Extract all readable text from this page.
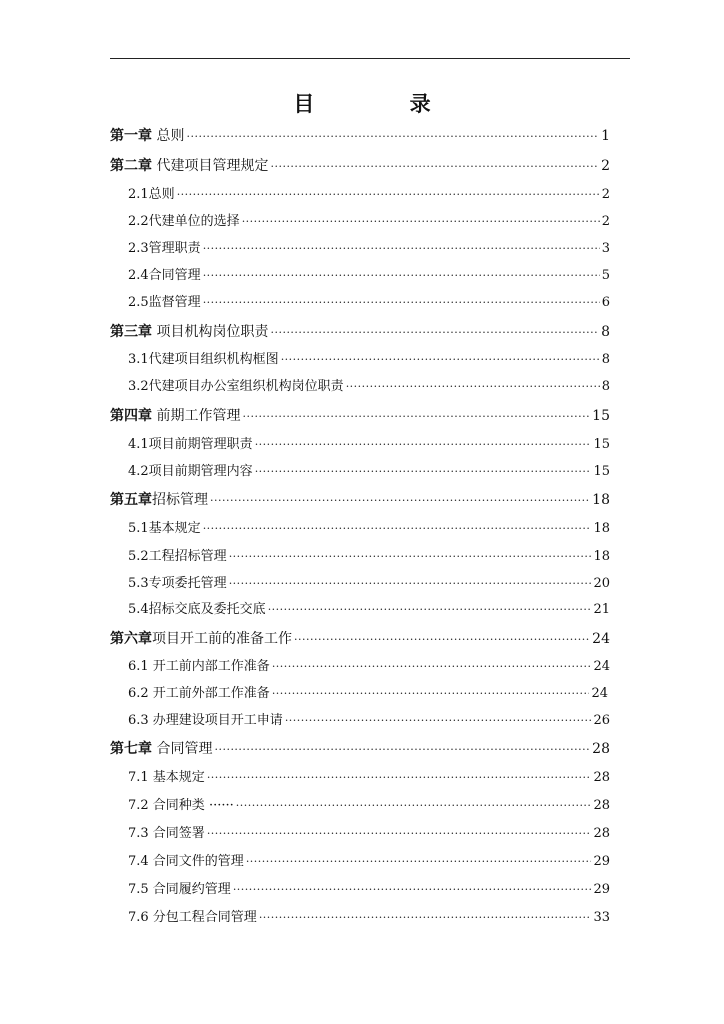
目 录
第一章 总则 ·····	1
第二章 代建项目管理规定 ·····	2
2.1总则 ·····	2
2.2代建单位的选择 ·····	2
2.3管理职责 ·····	3
2.4合同管理 ·····	5
2.5监督管理 ·····	6
第三章 项目机构岗位职责 ·····	8
3.1代建项目组织机构框图 ·····	8
3.2代建项目办公室组织机构岗位职责 ·····	8
第四章 前期工作管理 ·····	15
4.1项目前期管理职责 ·····	15
4.2项目前期管理内容 ·····	15
第五章招标管理 ·····	18
5.1基本规定 ·····	18
5.2工程招标管理 ·····	18
5.3专项委托管理 ·····	20
5.4招标交底及委托交底 ·····	21
第六章项目开工前的准备工作 ·····	24
6.1 开工前内部工作准备 ·····	24
6.2 开工前外部工作准备 ·····	24
6.3 办理建设项目开工申请 ·····	26
第七章 合同管理 ·····	28
7.1 基本规定 ·····	28
7.2 合同种类 ······ ·····	28
7.3 合同签署 ·····	28
7.4 合同文件的管理 ·····	29
7.5 合同履约管理 ·····	29
7.6 分包工程合同管理 ·····	33
